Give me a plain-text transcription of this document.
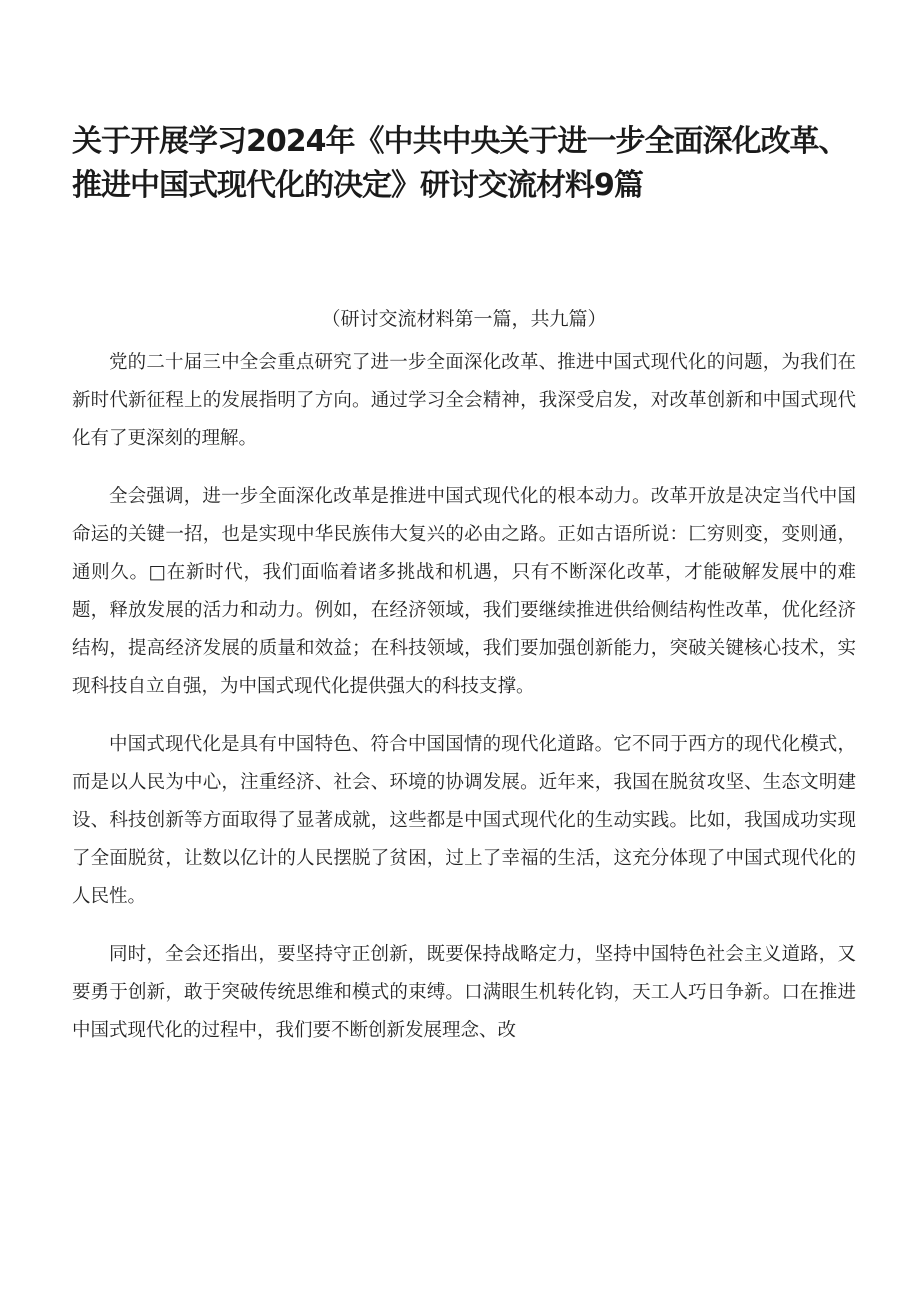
关于开展学习2024年《中共中央关于进一步全面深化改革、推进中国式现代化的决定》研讨交流材料9篇
（研讨交流材料第一篇，共九篇）

党的二十届三中全会重点研究了进一步全面深化改革、推进中国式现代化的问题，为我们在新时代新征程上的发展指明了方向。通过学习全会精神，我深受启发，对改革创新和中国式现代化有了更深刻的理解。

全会强调，进一步全面深化改革是推进中国式现代化的根本动力。改革开放是决定当代中国命运的关键一招，也是实现中华民族伟大复兴的必由之路。正如古语所说：匚穷则变，变则通，通则久。□在新时代，我们面临着诸多挑战和机遇，只有不断深化改革，才能破解发展中的难题，释放发展的活力和动力。例如，在经济领域，我们要继续推进供给侧结构性改革，优化经济结构，提高经济发展的质量和效益；在科技领域，我们要加强创新能力，突破关键核心技术，实现科技自立自强，为中国式现代化提供强大的科技支撑。

中国式现代化是具有中国特色、符合中国国情的现代化道路。它不同于西方的现代化模式，而是以人民为中心，注重经济、社会、环境的协调发展。近年来，我国在脱贫攻坚、生态文明建设、科技创新等方面取得了显著成就，这些都是中国式现代化的生动实践。比如，我国成功实现了全面脱贫，让数以亿计的人民摆脱了贫困，过上了幸福的生活，这充分体现了中国式现代化的人民性。

同时，全会还指出，要坚持守正创新，既要保持战略定力，坚持中国特色社会主义道路，又要勇于创新，敢于突破传统思维和模式的束缚。口满眼生机转化钧，天工人巧日争新。口在推进中国式现代化的过程中，我们要不断创新发展理念、改
